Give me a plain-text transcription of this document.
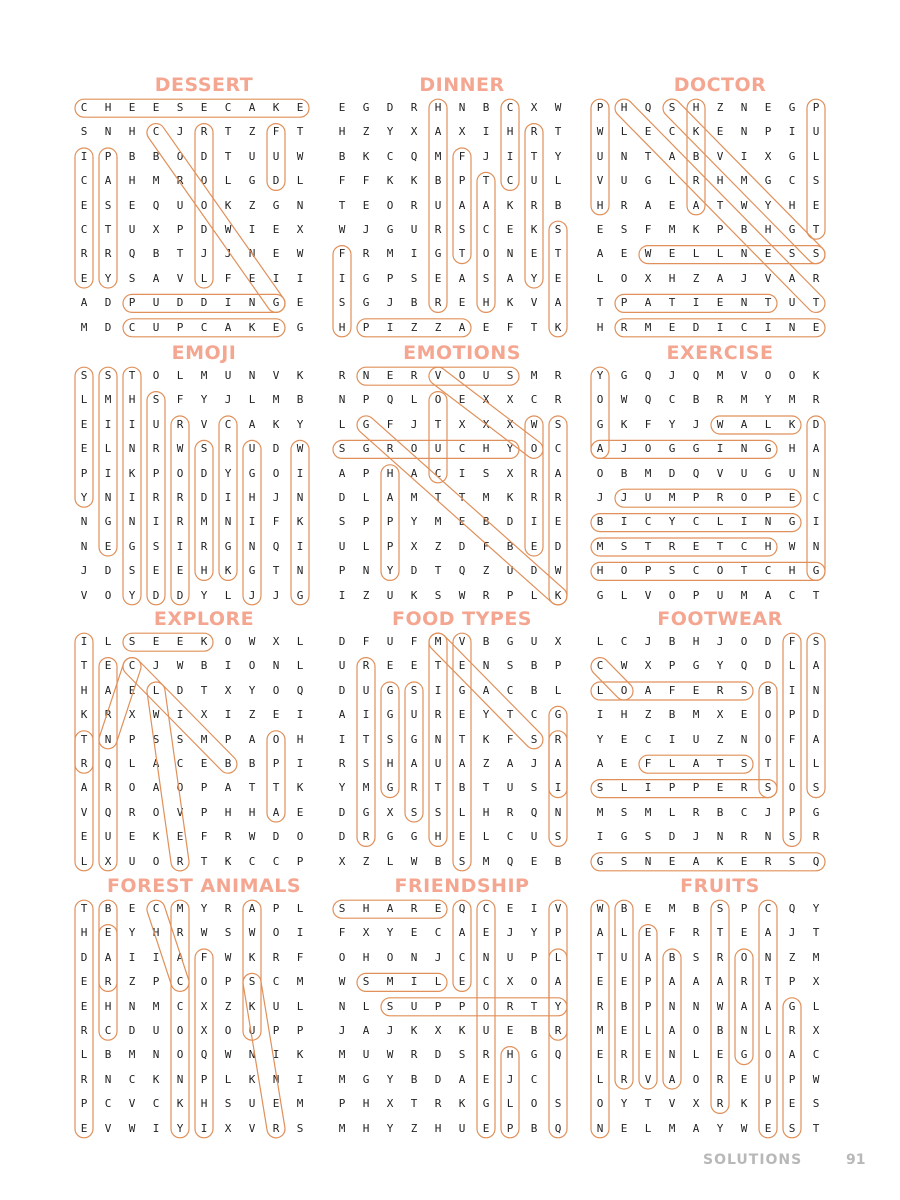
DESSERT
C	H	E	E	S	E	C	A	K	E
S	N	H	C	J	R	T	Z	F	T
I	P	B	B	O	D	T	U	U	W
C	A	H	M	R	O	L	G	D	L
E	S	E	Q	U	O	K	Z	G	N
C	T	U	X	P	D	W	I	E	X
R	R	Q	B	T	J	J	N	E	W
E	Y	S	A	V	L	F	E	I	I
A	D	P	U	D	D	I	N	G	E
M	D	C	U	P	C	A	K	E	G
DINNER
E	G	D	R	H	N	B	C	X	W
H	Z	Y	X	A	X	I	H	R	T
B	K	C	Q	M	F	J	I	T	Y
F	F	K	K	B	P	T	C	U	L
T	E	O	R	U	A	A	K	R	B
W	J	G	U	R	S	C	E	K	S
F	R	M	I	G	T	O	N	E	T
I	G	P	S	E	A	S	A	Y	E
S	G	J	B	R	E	H	K	V	A
H	P	I	Z	Z	A	E	F	T	K
DOCTOR
P	H	Q	S	H	Z	N	E	G	P
W	L	E	C	K	E	N	P	I	U
U	N	T	A	B	V	I	X	G	L
V	U	G	L	R	H	M	G	C	S
H	R	A	E	A	T	W	Y	H	E
E	S	F	M	K	P	B	H	G	T
A	E	W	E	L	L	N	E	S	S
L	O	X	H	Z	A	J	V	A	R
T	P	A	T	I	E	N	T	U	T
H	R	M	E	D	I	C	I	N	E
EMOJI
S	S	T	O	L	M	U	N	V	K
L	M	H	S	F	Y	J	L	M	B
E	I	I	U	R	V	C	A	K	Y
E	L	N	R	W	S	R	U	D	W
P	I	K	P	O	D	Y	G	O	I
Y	N	I	R	R	D	I	H	J	N
N	G	N	I	R	M	N	I	F	K
N	E	G	S	I	R	G	N	Q	I
J	D	S	E	E	H	K	G	T	N
V	O	Y	D	D	Y	L	J	J	G
EMOTIONS
R	N	E	R	V	O	U	S	M	R
N	P	Q	L	O	E	X	X	C	R
L	G	F	J	T	X	X	X	W	S
S	G	R	O	U	C	H	Y	O	C
A	P	H	A	C	I	S	X	R	A
D	L	A	M	T	T	M	K	R	R
S	P	P	Y	M	E	B	D	I	E
U	L	P	X	Z	D	F	B	E	D
P	N	Y	D	T	Q	Z	U	D	W
I	Z	U	K	S	W	R	P	L	K
EXERCISE
Y	G	Q	J	Q	M	V	O	O	K
O	W	Q	C	B	R	M	Y	M	R
G	K	F	Y	J	W	A	L	K	D
A	J	O	G	G	I	N	G	H	A
O	B	M	D	Q	V	U	G	U	N
J	J	U	M	P	R	O	P	E	C
B	I	C	Y	C	L	I	N	G	I
M	S	T	R	E	T	C	H	W	N
H	O	P	S	C	O	T	C	H	G
G	L	V	O	P	U	M	A	C	T
EXPLORE
I	L	S	E	E	K	O	W	X	L
T	E	C	J	W	B	I	O	N	L
H	A	E	L	D	T	X	Y	O	Q
K	R	X	W	I	X	I	Z	E	I
T	N	P	S	S	M	P	A	O	H
R	Q	L	A	C	E	B	B	P	I
A	R	O	A	O	P	A	T	T	K
V	Q	R	O	V	P	H	H	A	E
E	U	E	K	E	F	R	W	D	O
L	X	U	O	R	T	K	C	C	P
FOOD TYPES
D	F	U	F	M	V	B	G	U	X
U	R	E	E	T	E	N	S	B	P
D	U	G	S	I	G	A	C	B	L
A	I	G	U	R	E	Y	T	C	G
I	T	S	G	N	T	K	F	S	R
R	S	H	A	U	A	Z	A	J	A
Y	M	G	R	T	B	T	U	S	I
D	G	X	S	S	L	H	R	Q	N
D	R	G	G	H	E	L	C	U	S
X	Z	L	W	B	S	M	Q	E	B
FOOTWEAR
L	C	J	B	H	J	O	D	F	S
C	W	X	P	G	Y	Q	D	L	A
L	O	A	F	E	R	S	B	I	N
I	H	Z	B	M	X	E	O	P	D
Y	E	C	I	U	Z	N	O	F	A
A	E	F	L	A	T	S	T	L	L
S	L	I	P	P	E	R	S	O	S
M	S	M	L	R	B	C	J	P	G
I	G	S	D	J	N	R	N	S	R
G	S	N	E	A	K	E	R	S	Q
FOREST ANIMALS
T	B	E	C	M	Y	R	A	P	L
H	E	Y	H	R	W	S	W	O	I
D	A	I	I	A	F	W	K	R	F
E	R	Z	P	C	O	P	S	C	M
E	H	N	M	C	X	Z	K	U	L
R	C	D	U	O	X	O	U	P	P
L	B	M	N	O	Q	W	N	I	K
R	N	C	K	N	P	L	K	N	I
P	C	V	C	K	H	S	U	E	M
E	V	W	I	Y	I	X	V	R	S
FRIENDSHIP
S	H	A	R	E	Q	C	E	I	V
F	X	Y	E	C	A	E	J	Y	P
O	H	O	N	J	C	N	U	P	L
W	S	M	I	L	E	C	X	O	A
N	L	S	U	P	P	O	R	T	Y
J	A	J	K	X	K	U	E	B	R
M	U	W	R	D	S	R	H	G	Q
M	G	Y	B	D	A	E	J	C
P	H	X	T	R	K	G	L	O	S
M	H	Y	Z	H	U	E	P	B	Q
FRUITS
W	B	E	M	B	S	P	C	Q	Y
A	L	E	F	R	T	E	A	J	T
T	U	A	B	S	R	O	N	Z	M
E	E	P	A	A	A	R	T	P	X
R	B	P	N	N	W	A	A	G	L
M	E	L	A	O	B	N	L	R	X
E	R	E	N	L	E	G	O	A	C
L	R	V	A	O	R	E	U	P	W
O	Y	T	V	X	R	K	P	E	S
N	E	L	M	A	Y	W	E	S	T
SOLUTIONS	91
